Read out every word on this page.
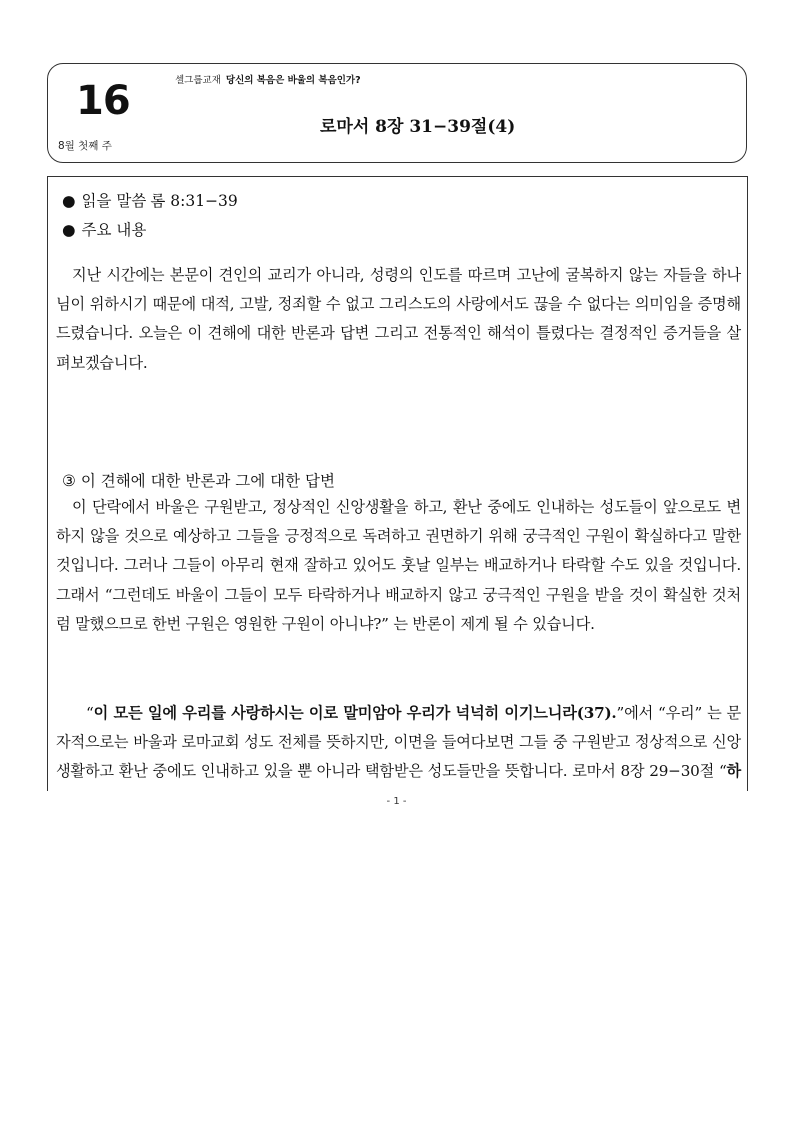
16
8월 첫째 주
셀그룹교재 당신의 복음은 바울의 복음인가?
로마서 8장 31−39절(4)
● 읽을 말씀 롬 8:31−39
● 주요 내용

지난 시간에는 본문이 견인의 교리가 아니라, 성령의 인도를 따르며 고난에 굴복하지 않는 자들을 하나님이 위하시기 때문에 대적, 고발, 정죄할 수 없고 그리스도의 사랑에서도 끊을 수 없다는 의미임을 증명해드렸습니다. 오늘은 이 견해에 대한 반론과 답변 그리고 전통적인 해석이 틀렸다는 결정적인 증거들을 살펴보겠습니다.

③ 이 견해에 대한 반론과 그에 대한 답변

이 단락에서 바울은 구원받고, 정상적인 신앙생활을 하고, 환난 중에도 인내하는 성도들이 앞으로도 변하지 않을 것으로 예상하고 그들을 긍정적으로 독려하고 권면하기 위해 궁극적인 구원이 확실하다고 말한 것입니다. 그러나 그들이 아무리 현재 잘하고 있어도 훗날 일부는 배교하거나 타락할 수도 있을 것입니다. 그래서 “그런데도 바울이 그들이 모두 타락하거나 배교하지 않고 궁극적인 구원을 받을 것이 확실한 것처럼 말했으므로 한번 구원은 영원한 구원이 아니냐?” 는 반론이 제게 될 수 있습니다.

“이 모든 일에 우리를 사랑하시는 이로 말미암아 우리가 넉넉히 이기느니라(37).”에서 “우리” 는 문자적으로는 바울과 로마교회 성도 전체를 뜻하지만, 이면을 들여다보면 그들 중 구원받고 정상적으로 신앙생활하고 환난 중에도 인내하고 있을 뿐 아니라 택함받은 성도들만을 뜻합니다. 로마서 8장 29−30절 “하

- 1 -
